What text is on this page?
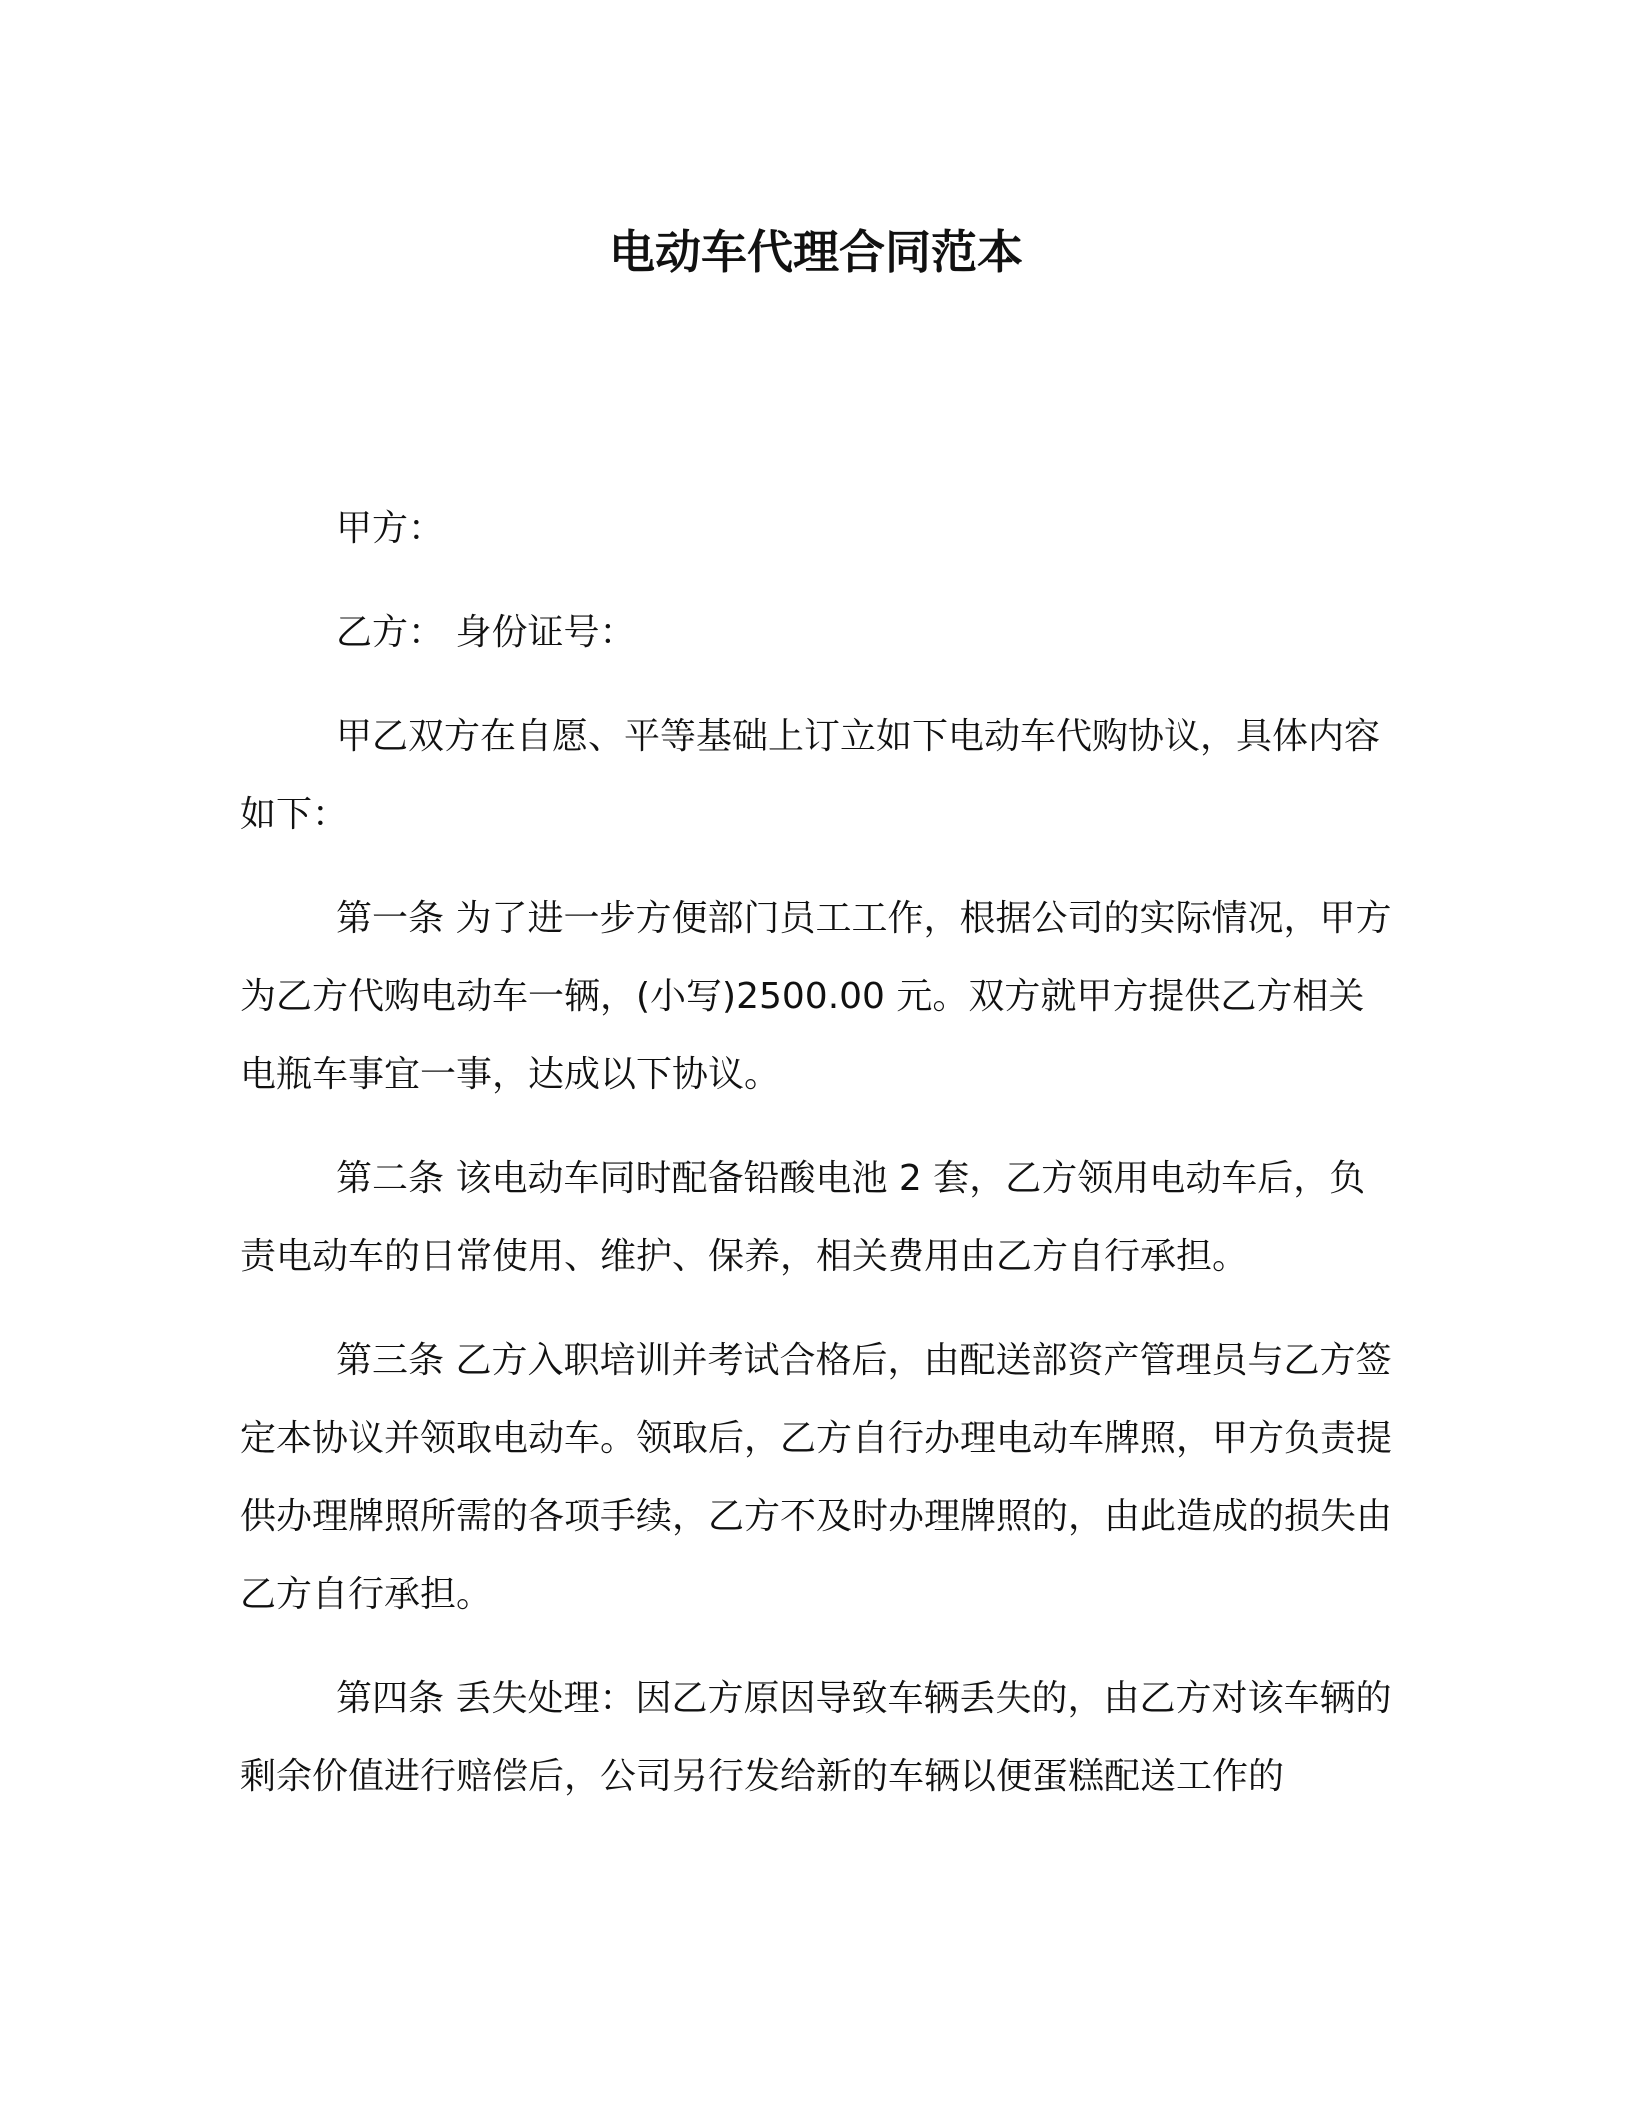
电动车代理合同范本

甲方：

乙方： 身份证号：

甲乙双方在自愿、平等基础上订立如下电动车代购协议，具体内容如下：

第一条 为了进一步方便部门员工工作，根据公司的实际情况，甲方为乙方代购电动车一辆，(小写)2500.00 元。双方就甲方提供乙方相关电瓶车事宜一事，达成以下协议。

第二条 该电动车同时配备铅酸电池 2 套，乙方领用电动车后，负责电动车的日常使用、维护、保养，相关费用由乙方自行承担。

第三条 乙方入职培训并考试合格后，由配送部资产管理员与乙方签定本协议并领取电动车。领取后，乙方自行办理电动车牌照，甲方负责提供办理牌照所需的各项手续，乙方不及时办理牌照的，由此造成的损失由乙方自行承担。

第四条 丢失处理：因乙方原因导致车辆丢失的，由乙方对该车辆的剩余价值进行赔偿后，公司另行发给新的车辆以便蛋糕配送工作的
